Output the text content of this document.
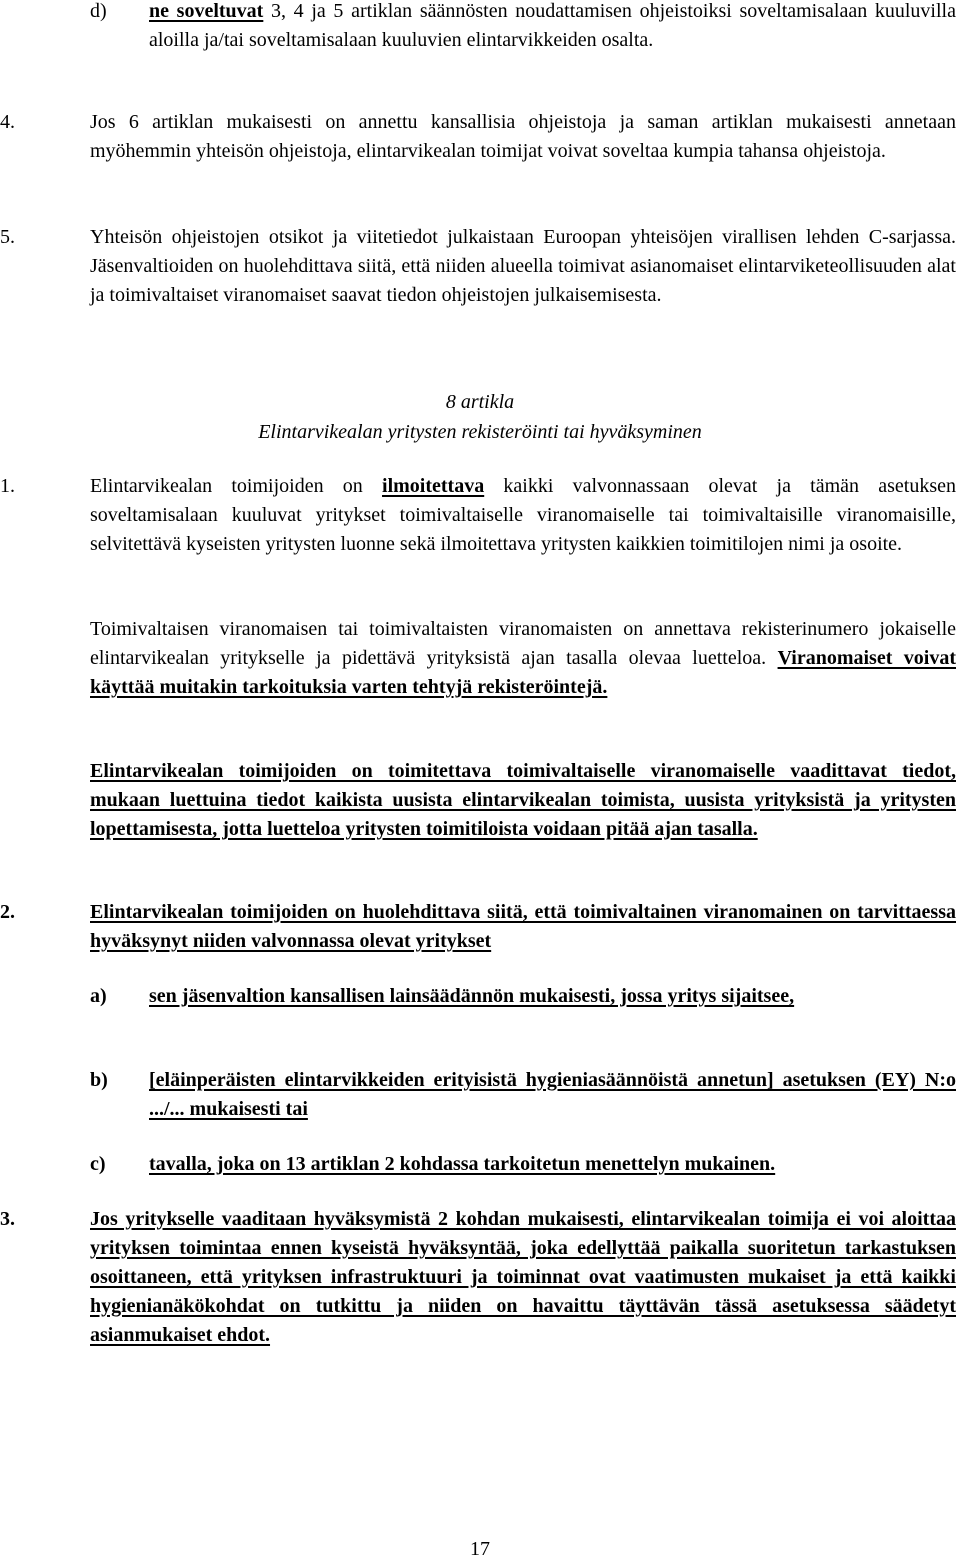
d) ne soveltuvat 3, 4 ja 5 artiklan säännösten noudattamisen ohjeistoiksi soveltamisalaan kuuluvilla aloilla ja/tai soveltamisalaan kuuluvien elintarvikkeiden osalta.

4.	Jos 6 artiklan mukaisesti on annettu kansallisia ohjeistoja ja saman artiklan mukaisesti annetaan myöhemmin yhteisön ohjeistoja, elintarvikealan toimijat voivat soveltaa kumpia tahansa ohjeistoja.

5.	Yhteisön ohjeistojen otsikot ja viitetiedot julkaistaan Euroopan yhteisöjen virallisen lehden C-sarjassa. Jäsenvaltioiden on huolehdittava siitä, että niiden alueella toimivat asianomaiset elintarviketeollisuuden alat ja toimivaltaiset viranomaiset saavat tiedon ohjeistojen julkaisemisesta.

8 artikla
Elintarvikealan yritysten rekisteröinti tai hyväksyminen
1.	Elintarvikealan toimijoiden on ilmoitettava kaikki valvonnassaan olevat ja tämän asetuksen soveltamisalaan kuuluvat yritykset toimivaltaiselle viranomaiselle tai toimivaltaisille viranomaisille, selvitettävä kyseisten yritysten luonne sekä ilmoitettava yritysten kaikkien toimitilojen nimi ja osoite.

Toimivaltaisen viranomaisen tai toimivaltaisten viranomaisten on annettava rekisterinumero jokaiselle elintarvikealan yritykselle ja pidettävä yrityksistä ajan tasalla olevaa luetteloa. Viranomaiset voivat käyttää muitakin tarkoituksia varten tehtyjä rekisteröintejä.

Elintarvikealan toimijoiden on toimitettava toimivaltaiselle viranomaiselle vaadittavat tiedot, mukaan luettuina tiedot kaikista uusista elintarvikealan toimista, uusista yrityksistä ja yritysten lopettamisesta, jotta luetteloa yritysten toimitiloista voidaan pitää ajan tasalla.

2.	Elintarvikealan toimijoiden on huolehdittava siitä, että toimivaltainen viranomainen on tarvittaessa hyväksynyt niiden valvonnassa olevat yritykset

a) sen jäsenvaltion kansallisen lainsäädännön mukaisesti, jossa yritys sijaitsee,

b) [eläinperäisten elintarvikkeiden erityisistä hygieniasäännöistä annetun] asetuksen (EY) N:o .../... mukaisesti tai

c) tavalla, joka on 13 artiklan 2 kohdassa tarkoitetun menettelyn mukainen.

3.	Jos yritykselle vaaditaan hyväksymistä 2 kohdan mukaisesti, elintarvikealan toimija ei voi aloittaa yrityksen toimintaa ennen kyseistä hyväksyntää, joka edellyttää paikalla suoritetun tarkastuksen osoittaneen, että yrityksen infrastruktuuri ja toiminnat ovat vaatimusten mukaiset ja että kaikki hygienianäkökohdat on tutkittu ja niiden on havaittu täyttävän tässä asetuksessa säädetyt asianmukaiset ehdot.

17
